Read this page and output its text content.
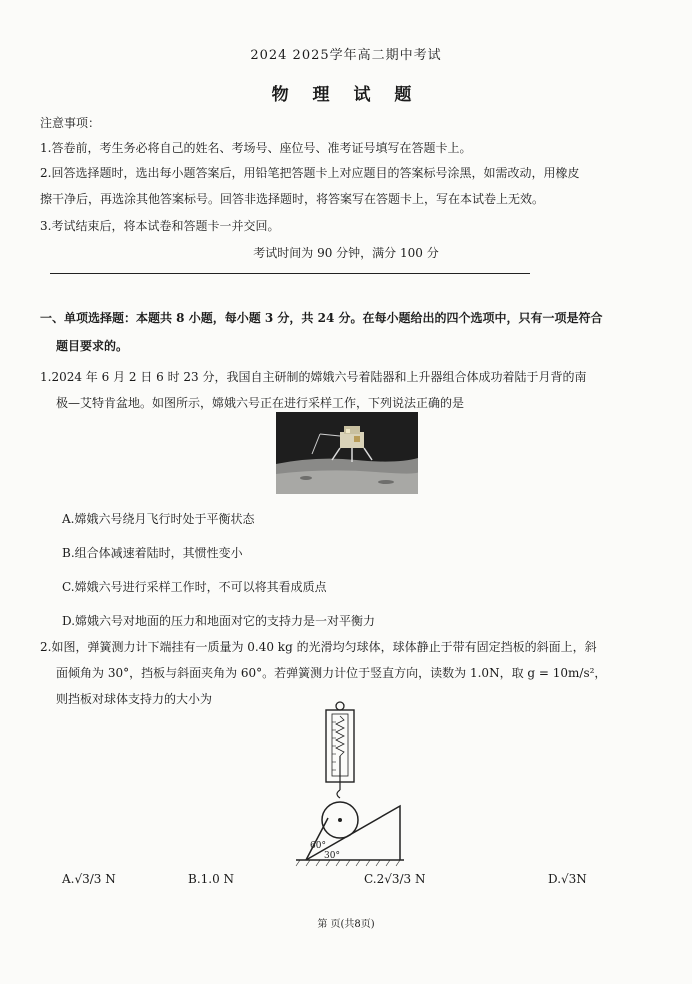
2024 2025学年高二期中考试
物 理 试 题
注意事项：
1.答卷前，考生务必将自己的姓名、考场号、座位号、准考证号填写在答题卡上。
2.回答选择题时，选出每小题答案后，用铅笔把答题卡上对应题目的答案标号涂黑，如需改动，用橡皮
擦干净后，再选涂其他答案标号。回答非选择题时，将答案写在答题卡上，写在本试卷上无效。
3.考试结束后，将本试卷和答题卡一并交回。
考试时间为 90 分钟，满分 100 分
一、单项选择题：本题共 8 小题，每小题 3 分，共 24 分。在每小题给出的四个选项中，只有一项是符合
题目要求的。
1.2024 年 6 月 2 日 6 时 23 分，我国自主研制的嫦娥六号着陆器和上升器组合体成功着陆于月背的南
极—艾特肯盆地。如图所示，嫦娥六号正在进行采样工作，下列说法正确的是
A.嫦娥六号绕月飞行时处于平衡状态
B.组合体减速着陆时，其惯性变小
C.嫦娥六号进行采样工作时，不可以将其看成质点
D.嫦娥六号对地面的压力和地面对它的支持力是一对平衡力
2.如图，弹簧测力计下端挂有一质量为 0.40 kg 的光滑均匀球体，球体静止于带有固定挡板的斜面上，斜
面倾角为 30°，挡板与斜面夹角为 60°。若弹簧测力计位于竖直方向，读数为 1.0N，取 g = 10m/s²，
则挡板对球体支持力的大小为
60°
30°
A.√3/3 N	B.1.0 N	C.2√3/3 N	D.√3N
第 页(共8页)
